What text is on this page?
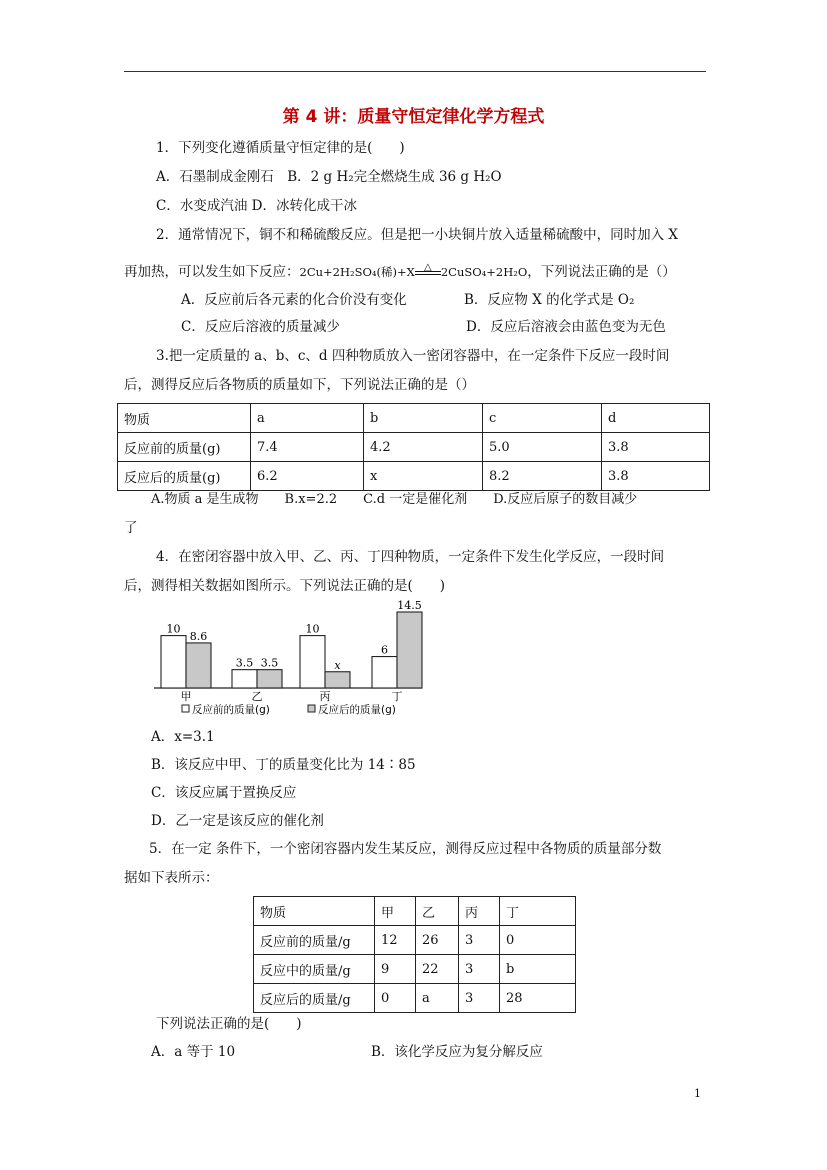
第 4 讲：质量守恒定律化学方程式
1．下列变化遵循质量守恒定律的是(　　)
A．石墨制成金刚石　B．2 g H₂完全燃烧生成 36 g H₂O
C．水变成汽油 D．冰转化成干冰
2．通常情况下，铜不和稀硫酸反应。但是把一小块铜片放入适量稀硫酸中，同时加入 X
再加热，可以发生如下反应：2Cu+2H₂SO₄(稀)+X △ 2CuSO₄+2H₂O，下列说法正确的是（）
A．反应前后各元素的化合价没有变化	B．反应物 X 的化学式是 O₂
C．反应后溶液的质量减少	D．反应后溶液会由蓝色变为无色
3.把一定质量的 a、b、c、d 四种物质放入一密闭容器中，在一定条件下反应一段时间
后，测得反应后各物质的质量如下，下列说法正确的是（）
物质	a	b	c	d
反应前的质量(g)	7.4	4.2	5.0	3.8
反应后的质量(g)	6.2	x	8.2	3.8
A.物质 a 是生成物　　B.x=2.2　　C.d 一定是催化剂　　D.反应后原子的数目减少
了
4．在密闭容器中放入甲、乙、丙、丁四种物质，一定条件下发生化学反应，一段时间
后，测得相关数据如图所示。下列说法正确的是(　　)
10
8.6
3.5 3.5
10
x
6
14.5
甲	乙	丙	丁
反应前的质量(g)	反应后的质量(g)
A．x=3.1
B．该反应中甲、丁的质量变化比为 14∶85
C．该反应属于置换反应
D．乙一定是该反应的催化剂
5．在一定 条件下，一个密闭容器内发生某反应，测得反应过程中各物质的质量部分数
据如下表所示：
物质	甲	乙	丙	丁
反应前的质量/g	12	26	3	0
反应中的质量/g	9	22	3	b
反应后的质量/g	0	a	3	28
下列说法正确的是(　　)
A．a 等于 10	B．该化学反应为复分解反应
1
